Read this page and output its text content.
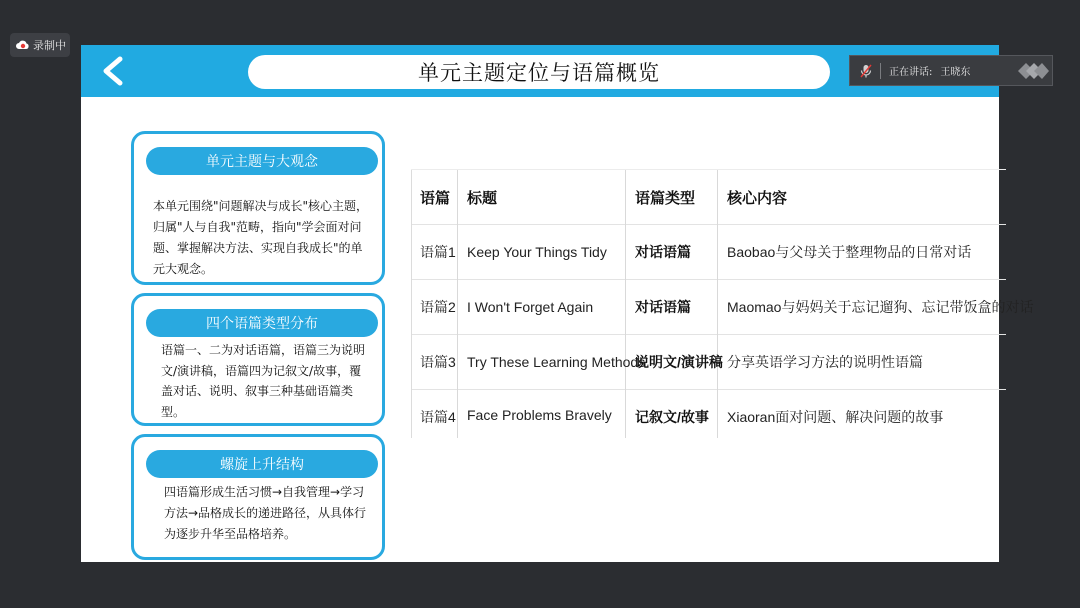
录制中
单元主题定位与语篇概览	正在讲话: 王晓东
单元主题与大观念
本单元围绕"问题解决与成长"核心主题，归属"人与自我"范畴，指向"学会面对问题、掌握解决方法、实现自我成长"的单元大观念。
四个语篇类型分布
语篇一、二为对话语篇，语篇三为说明文/演讲稿，语篇四为记叙文/故事，覆盖对话、说明、叙事三种基础语篇类型。
螺旋上升结构
四语篇形成生活习惯→自我管理→学习方法→品格成长的递进路径，从具体行为逐步升华至品格培养。
语篇	标题	语篇类型	核心内容
语篇1	Keep Your Things Tidy	对话语篇	Baobao与父母关于整理物品的日常对话
语篇2	I Won't Forget Again	对话语篇	Maomao与妈妈关于忘记遛狗、忘记带饭盒的对话
语篇3	Try These Learning Methods	说明文/演讲稿	分享英语学习方法的说明性语篇
语篇4	Face Problems Bravely	记叙文/故事	Xiaoran面对问题、解决问题的故事
